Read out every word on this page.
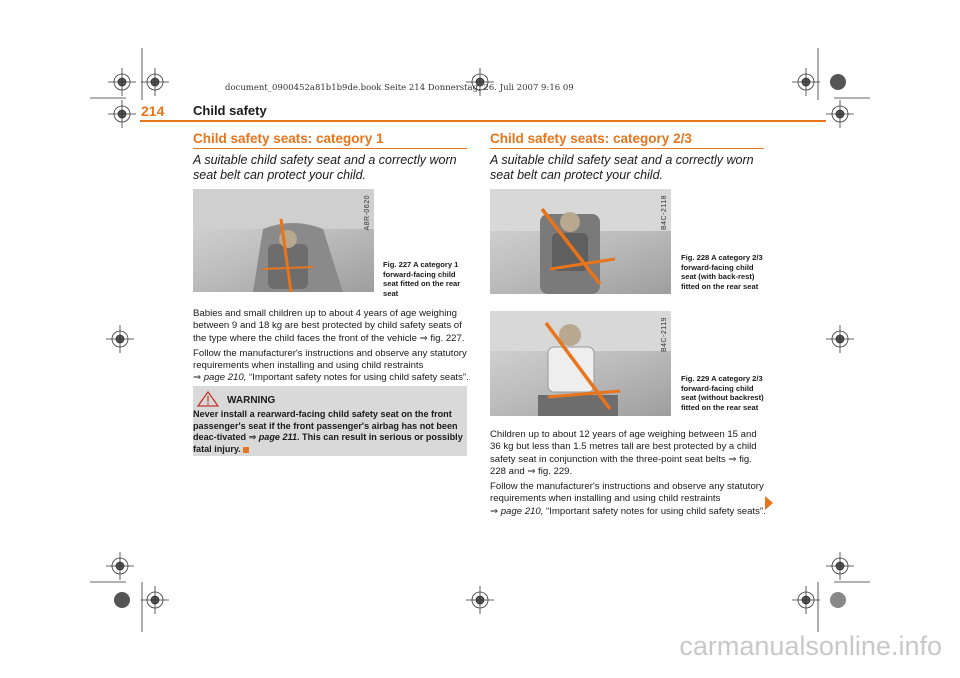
document_0900452a81b1b9de.book Seite 214 Donnerstag, 26. Juli 2007 9:16 09
214 Child safety
Child safety seats: category 1
A suitable child safety seat and a correctly worn seat belt can protect your child.
A8R-0620
Fig. 227 A category 1 forward-facing child seat fitted on the rear seat

Babies and small children up to about 4 years of age weighing between 9 and 18 kg are best protected by child safety seats of the type where the child faces the front of the vehicle ⇒ fig. 227.

Follow the manufacturer's instructions and observe any statutory requirements when installing and using child restraints
⇒ page 210, “Important safety notes for using child safety seats”.

WARNING
Never install a rearward-facing child safety seat on the front passenger's seat if the front passenger's airbag has not been deac-tivated ⇒ page 211. This can result in serious or possibly fatal injury.
Child safety seats: category 2/3
A suitable child safety seat and a correctly worn seat belt can protect your child.
B4C-2118
Fig. 228 A category 2/3 forward-facing child seat (with back-rest) fitted on the rear seat
B4C-2119
Fig. 229 A category 2/3 forward-facing child seat (without backrest) fitted on the rear seat

Children up to about 12 years of age weighing between 15 and 36 kg but less than 1.5 metres tall are best protected by a child safety seat in conjunction with the three-point seat belts ⇒ fig. 228 and ⇒ fig. 229.

Follow the manufacturer's instructions and observe any statutory requirements when installing and using child restraints
⇒ page 210, “Important safety notes for using child safety seats”.

carmanualsonline.info
